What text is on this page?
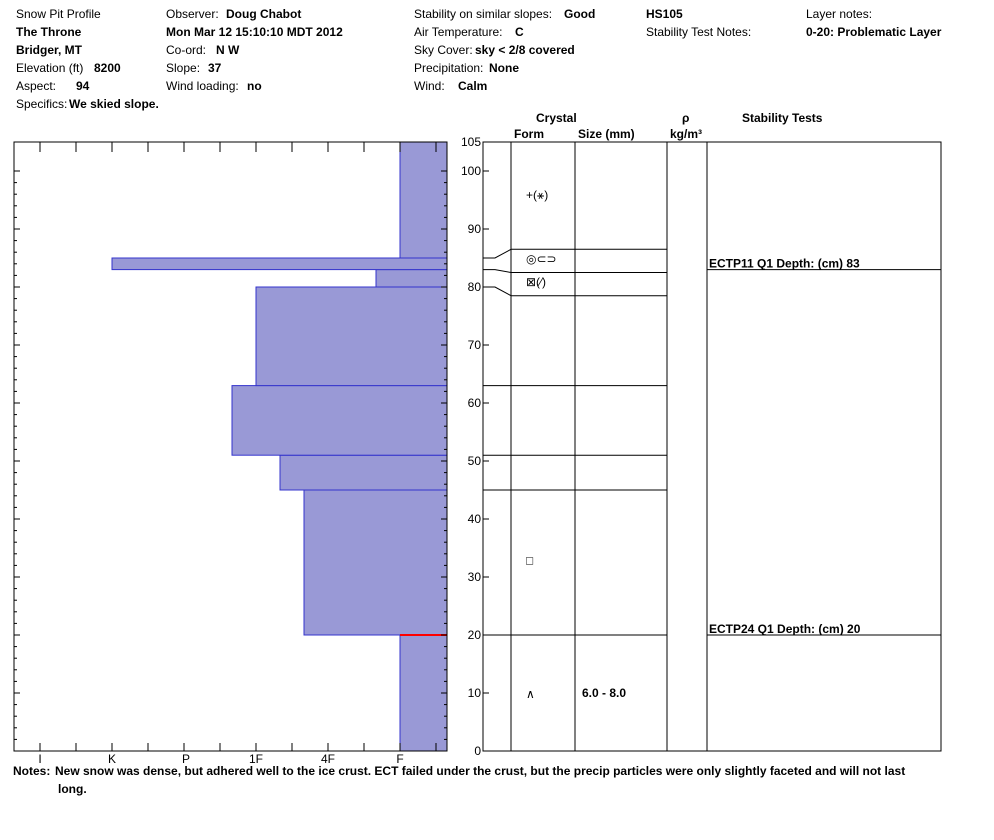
Snow Pit Profile
The Throne
Bridger, MT
Elevation (ft) 8200
Aspect: 94
Specifics: We skied slope.
Observer: Doug Chabot
Mon Mar 12 15:10:10 MDT 2012
Co-ord: N W
Slope: 37
Wind loading: no
Stability on similar slopes: Good
Air Temperature: C
Sky Cover: sky < 2/8 covered
Precipitation: None
Wind: Calm
HS105
Stability Test Notes:
Layer notes:
0-20: Problematic Layer
Crystal
Form	Size (mm)
ρ
kg/m³
Stability Tests
0
10
20
30
40
50
60
70
80
90
100
105
I	K	P	1F	4F	F
+(⚹)
◎⊂⊃
⊠(⁄)
□
∧	6.0 - 8.0
ECTP11 Q1 Depth: (cm) 83
ECTP24 Q1 Depth: (cm) 20
Notes: New snow was dense, but adhered well to the ice crust. ECT failed under the crust, but the precip particles were only slightly faceted and will not last
long.
